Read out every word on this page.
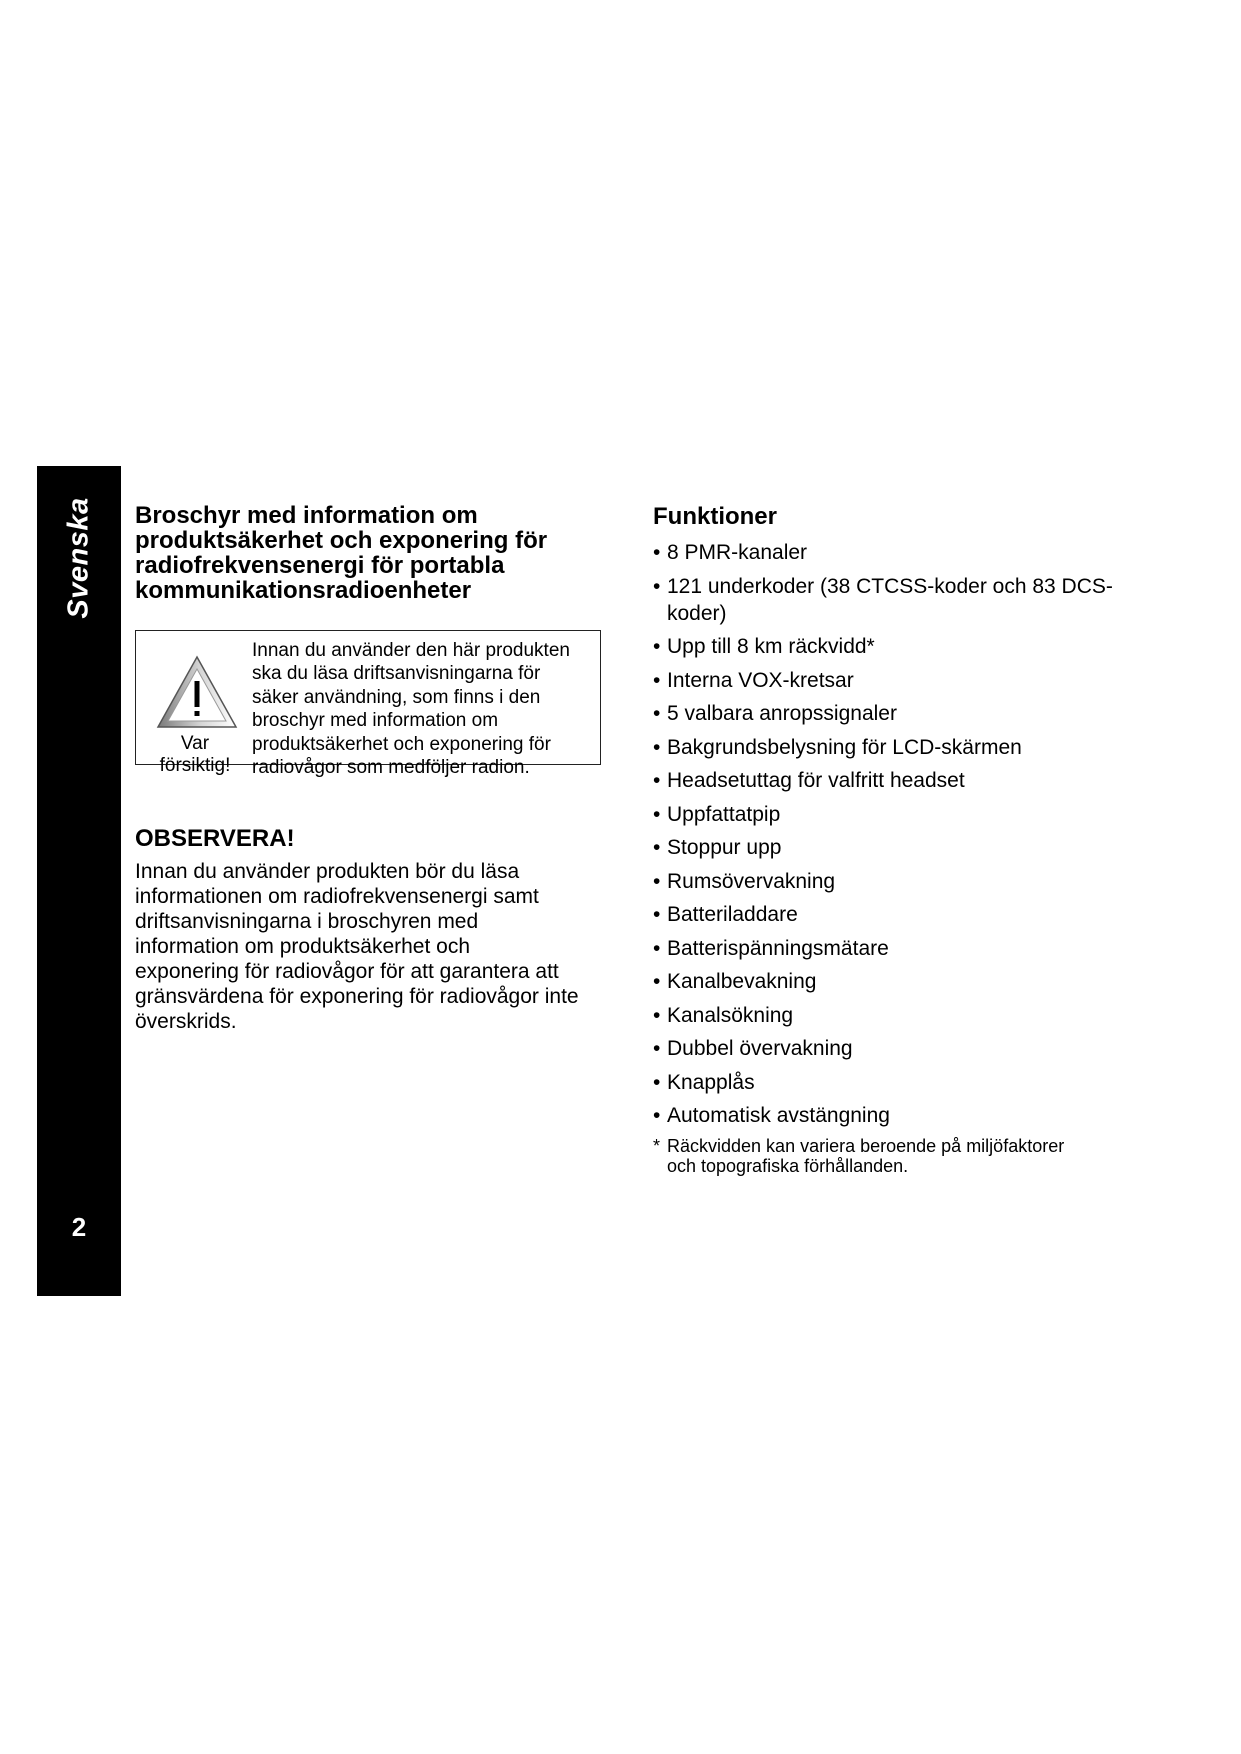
Svenska
2
Broschyr med information om
produktsäkerhet och exponering för
radiofrekvensenergi för portabla
kommunikationsradioenheter
Var
försiktig!
Innan du använder den här produkten
ska du läsa driftsanvisningarna för
säker användning, som finns i den
broschyr med information om
produktsäkerhet och exponering för
radiovågor som medföljer radion.
OBSERVERA!

Innan du använder produkten bör du läsa
informationen om radiofrekvensenergi samt
driftsanvisningarna i broschyren med
information om produktsäkerhet och
exponering för radiovågor för att garantera att
gränsvärdena för exponering för radiovågor inte
överskrids.

Funktioner
• 8 PMR-kanaler
• 121 underkoder (38 CTCSS-koder och 83 DCS-koder)
• Upp till 8 km räckvidd*
• Interna VOX-kretsar
• 5 valbara anropssignaler
• Bakgrundsbelysning för LCD-skärmen
• Headsetuttag för valfritt headset
• Uppfattatpip
• Stoppur upp
• Rumsövervakning
• Batteriladdare
• Batterispänningsmätare
• Kanalbevakning
• Kanalsökning
• Dubbel övervakning
• Knapplås
• Automatisk avstängning
* Räckvidden kan variera beroende på miljöfaktorer
och topografiska förhållanden.
